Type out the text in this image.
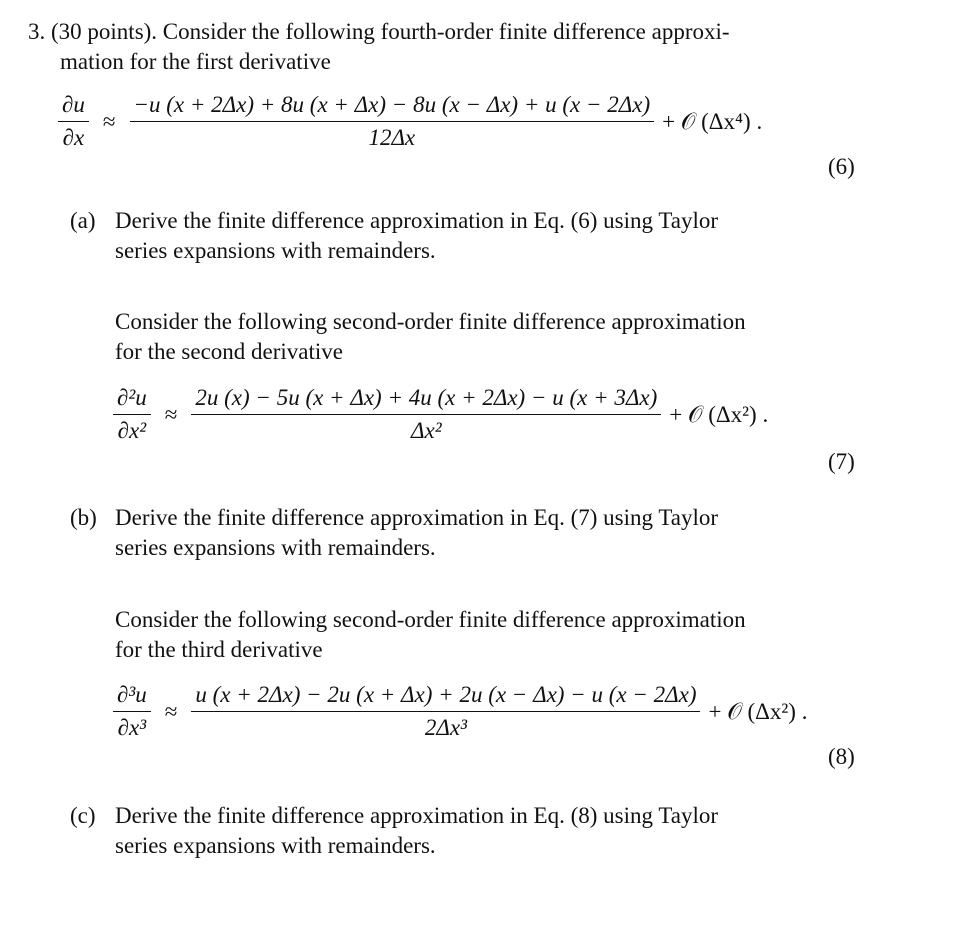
3. (30 points). Consider the following fourth-order finite difference approxi-
mation for the first derivative
$\frac{\partial u}{\partial x} \approx \frac{-u (x + 2\Delta x) + 8u (x + \Delta x) - 8u (x - \Delta x) + u (x - 2\Delta x)}{12\Delta x}$ + 𝒪 (Δx⁴) .
(6)
(a) Derive the finite difference approximation in Eq. (6) using Taylor
series expansions with remainders.
Consider the following second-order finite difference approximation
for the second derivative
$\frac{\text{∂²u}}{\text{∂x²}} \approx \frac{2u (x) - 5u (x + \Delta x) + 4u (x + 2\Delta x) - u (x + 3\Delta x)}{\text{Δx²}}$ + 𝒪 (Δx²) .
(7)
(b) Derive the finite difference approximation in Eq. (7) using Taylor
series expansions with remainders.
Consider the following second-order finite difference approximation
for the third derivative
$\frac{\text{∂³u}}{\text{∂x³}} \approx \frac{u (x + 2\Delta x) - 2u (x + \Delta x) + 2u (x - \Delta x) - u (x - 2\Delta x)}{\text{2Δx³}}$ + 𝒪 (Δx²) .
(8)
(c) Derive the finite difference approximation in Eq. (8) using Taylor
series expansions with remainders.
